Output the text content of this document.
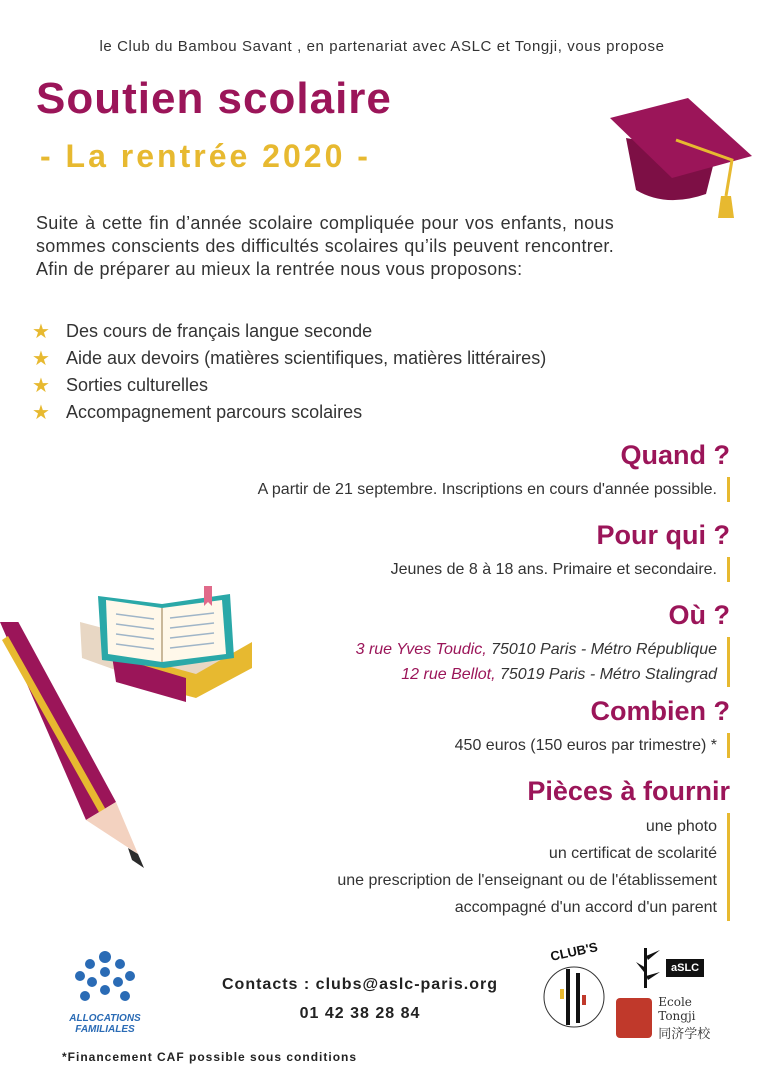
le Club du Bambou Savant , en partenariat avec ASLC et Tongji, vous propose
Soutien scolaire
- La rentrée 2020 -
Suite à cette fin d’année scolaire compliquée pour vos enfants, nous sommes conscients des difficultés scolaires qu’ils peuvent rencontrer. Afin de préparer au mieux la rentrée nous vous proposons:
★ Des cours de français langue seconde
★ Aide aux devoirs (matières scientifiques, matières littéraires)
★ Sorties culturelles
★ Accompagnement parcours scolaires
Quand ?
A partir de 21 septembre. Inscriptions en cours d'année possible.
Pour qui ?
Jeunes de 8 à 18 ans. Primaire et secondaire.
Où ?
3 rue Yves Toudic, 75010 Paris - Métro République
12 rue Bellot, 75019 Paris - Métro Stalingrad
Combien ?
450 euros (150 euros par trimestre) *
Pièces à fournir
une photo
un certificat de scolarité
une prescription de l'enseignant ou de l'établissement
accompagné d'un accord d'un parent
ALLOCATIONS
FAMILIALES
Contacts : clubs@aslc-paris.org
01 42 38 28 84
CLUB'S
aSLC
Ecole Tongji
同济学校
*Financement CAF possible sous conditions
